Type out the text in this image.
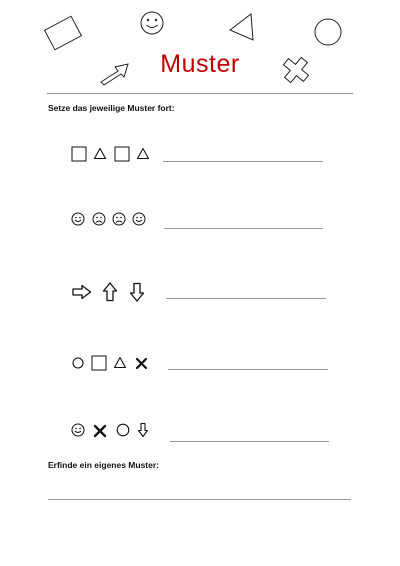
Muster
Setze das jeweilige Muster fort:
Erfinde ein eigenes Muster:
